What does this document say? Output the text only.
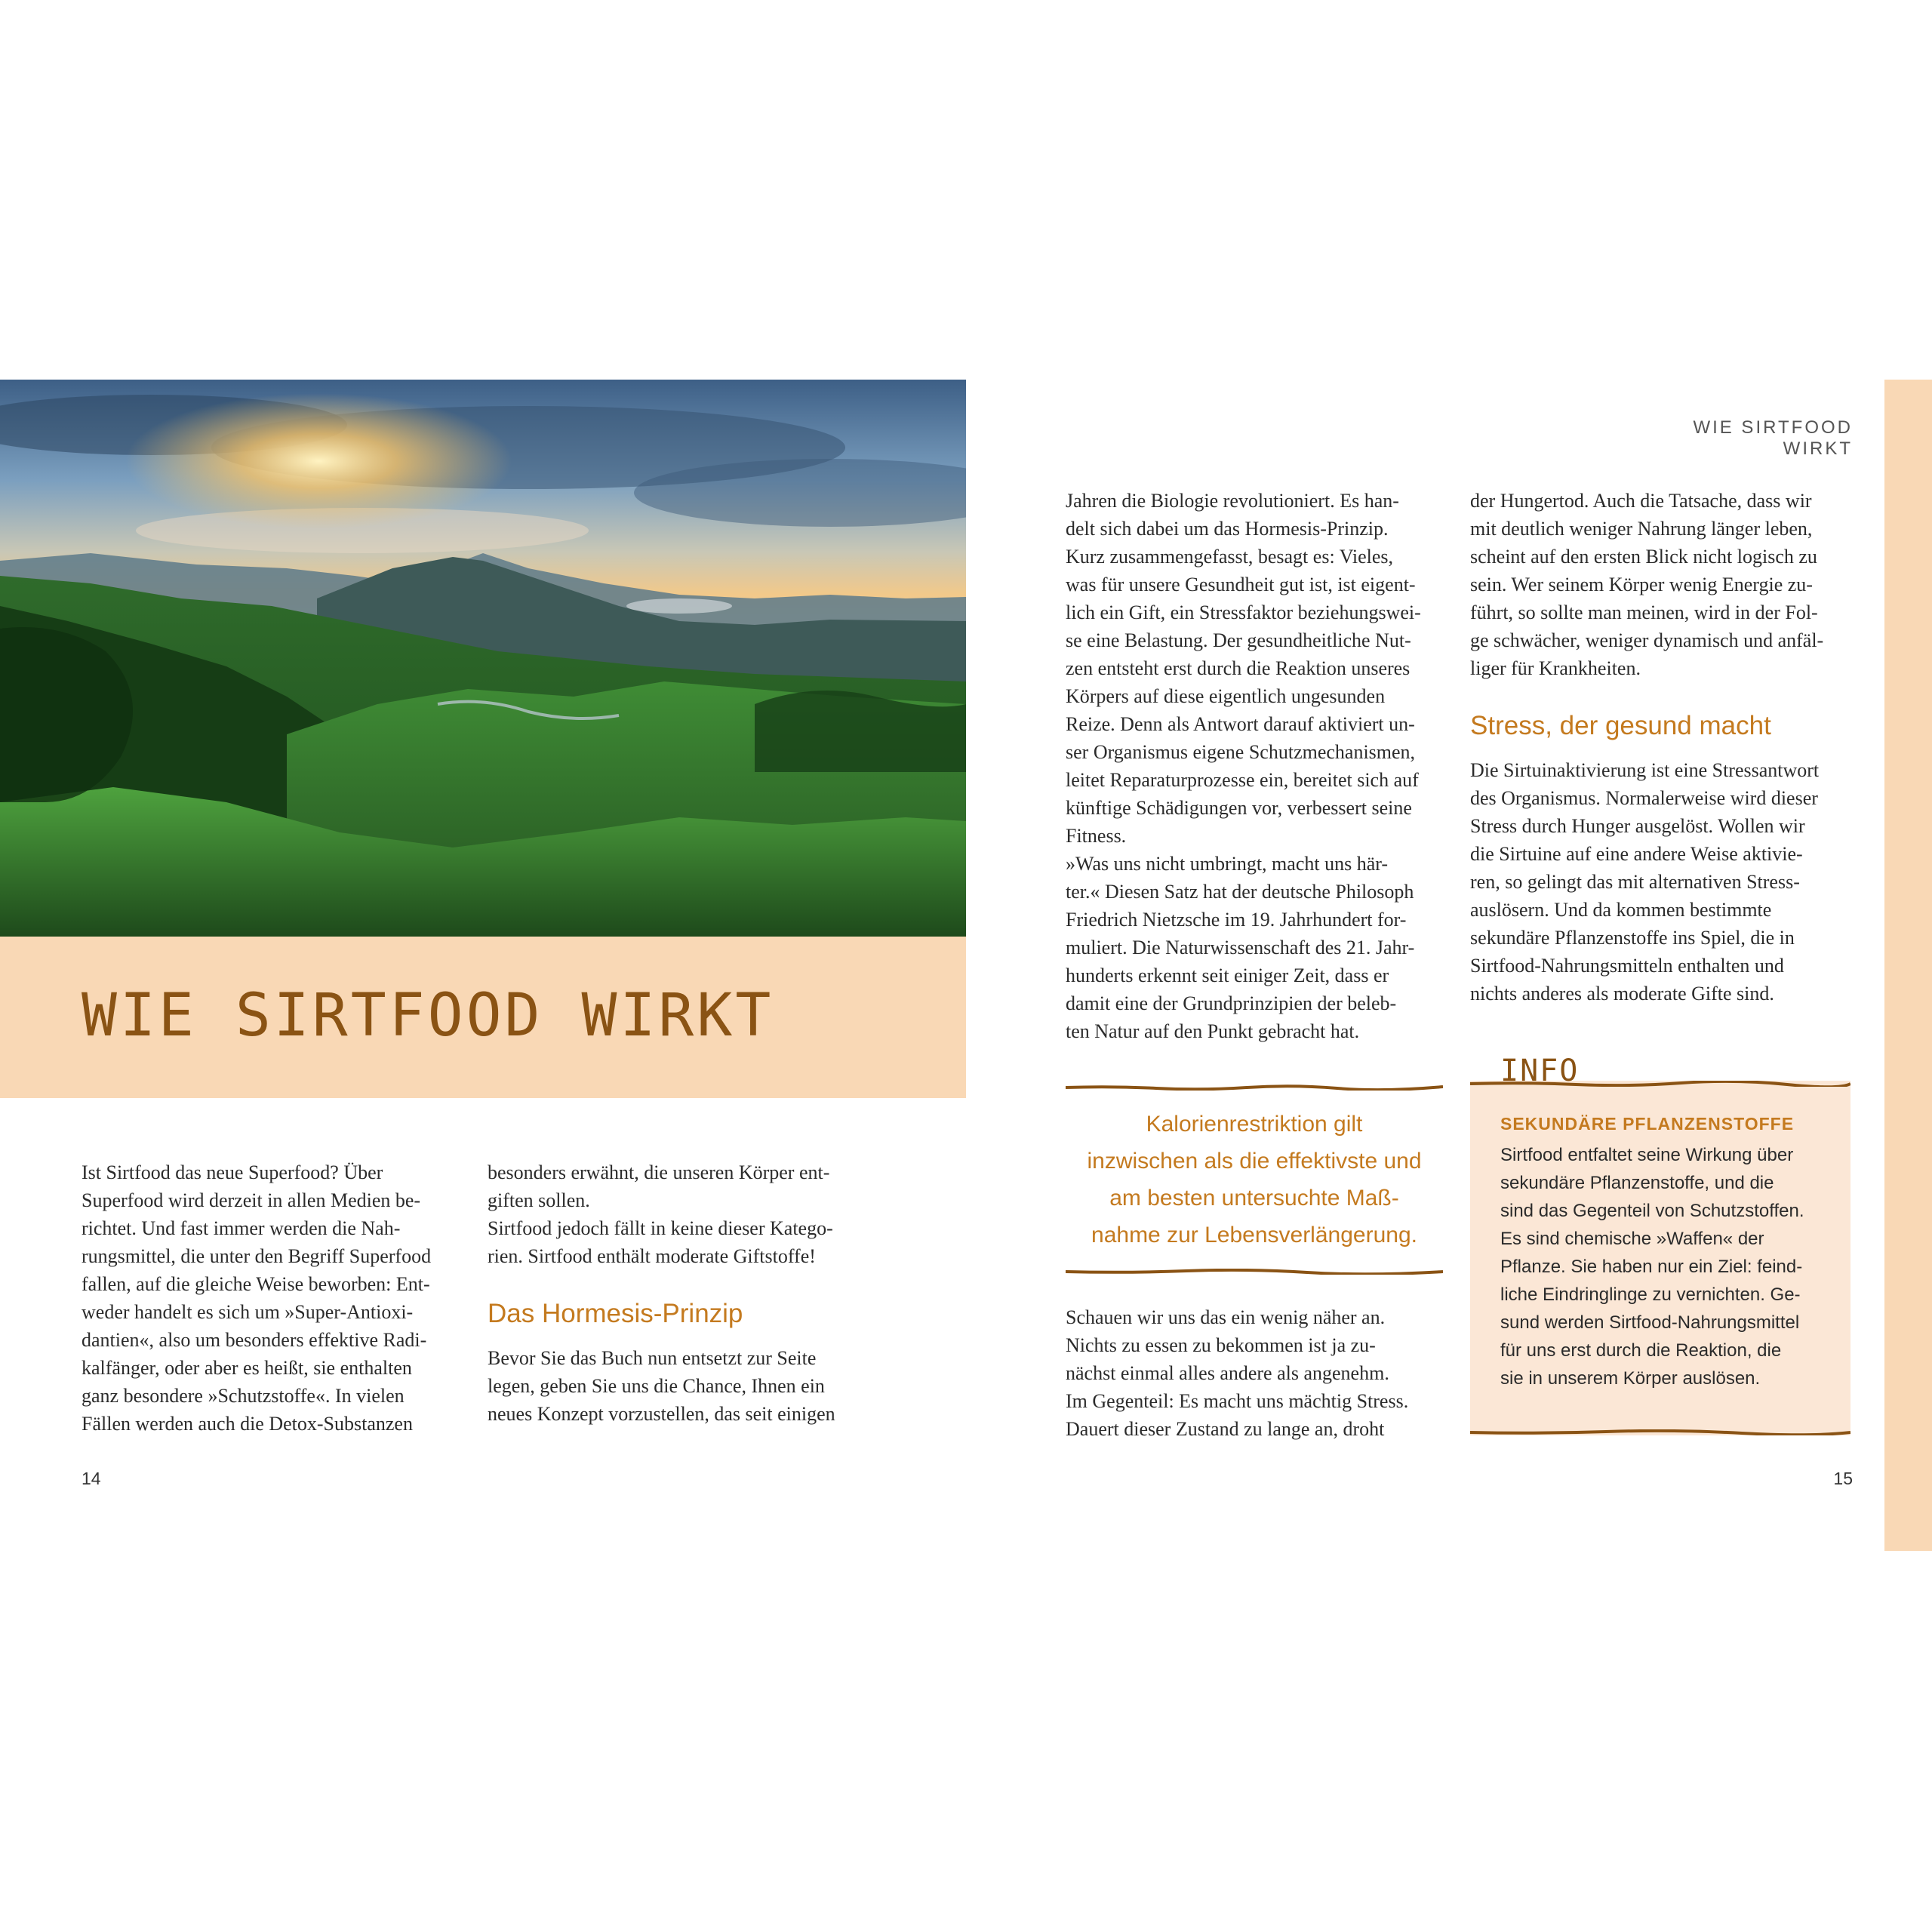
WIE SIRTFOOD WIRKT
WIE SIRTFOOD WIRKT

Ist Sirtfood das neue Superfood? Über

Superfood wird derzeit in allen Medien be-

richtet. Und fast immer werden die Nah-

rungsmittel, die unter den Begriff Superfood

fallen, auf die gleiche Weise beworben: Ent-

weder handelt es sich um »Super-Antioxi-

dantien«, also um besonders effektive Radi-

kalfänger, oder aber es heißt, sie enthalten

ganz besondere »Schutzstoffe«. In vielen

Fällen werden auch die Detox-Substanzen

besonders erwähnt, die unseren Körper ent-

giften sollen.

Sirtfood jedoch fällt in keine dieser Katego-

rien. Sirtfood enthält moderate Giftstoffe!

Das Hormesis-Prinzip

Bevor Sie das Buch nun entsetzt zur Seite

legen, geben Sie uns die Chance, Ihnen ein

neues Konzept vorzustellen, das seit einigen

Jahren die Biologie revolutioniert. Es han-

delt sich dabei um das Hormesis-Prinzip.

Kurz zusammengefasst, besagt es: Vieles,

was für unsere Gesundheit gut ist, ist eigent-

lich ein Gift, ein Stressfaktor beziehungswei-

se eine Belastung. Der gesundheitliche Nut-

zen entsteht erst durch die Reaktion unseres

Körpers auf diese eigentlich ungesunden

Reize. Denn als Antwort darauf aktiviert un-

ser Organismus eigene Schutzmechanismen,

leitet Reparaturprozesse ein, bereitet sich auf

künftige Schädigungen vor, verbessert seine

Fitness.

»Was uns nicht umbringt, macht uns här-

ter.« Diesen Satz hat der deutsche Philosoph

Friedrich Nietzsche im 19. Jahrhundert for-

muliert. Die Naturwissenschaft des 21. Jahr-

hunderts erkennt seit einiger Zeit, dass er

damit eine der Grundprinzipien der beleb-

ten Natur auf den Punkt gebracht hat.

Kalorienrestriktion gilt
inzwischen als die effektivste und
am besten untersuchte Maß-
nahme zur Lebensverlängerung.

Schauen wir uns das ein wenig näher an.

Nichts zu essen zu bekommen ist ja zu-

nächst einmal alles andere als angenehm.

Im Gegenteil: Es macht uns mächtig Stress.

Dauert dieser Zustand zu lange an, droht

der Hungertod. Auch die Tatsache, dass wir

mit deutlich weniger Nahrung länger leben,

scheint auf den ersten Blick nicht logisch zu

sein. Wer seinem Körper wenig Energie zu-

führt, so sollte man meinen, wird in der Fol-

ge schwächer, weniger dynamisch und anfäl-

liger für Krankheiten.

Stress, der gesund macht

Die Sirtuinaktivierung ist eine Stressantwort

des Organismus. Normalerweise wird dieser

Stress durch Hunger ausgelöst. Wollen wir

die Sirtuine auf eine andere Weise aktivie-

ren, so gelingt das mit alternativen Stress-

auslösern. Und da kommen bestimmte

sekundäre Pflanzenstoffe ins Spiel, die in

Sirtfood-Nahrungsmitteln enthalten und

nichts anderes als moderate Gifte sind.

INFO
SEKUNDÄRE PFLANZENSTOFFE

Sirtfood entfaltet seine Wirkung über

sekundäre Pflanzenstoffe, und die

sind das Gegenteil von Schutzstoffen.

Es sind chemische »Waffen« der

Pflanze. Sie haben nur ein Ziel: feind-

liche Eindringlinge zu vernichten. Ge-

sund werden Sirtfood-Nahrungsmittel

für uns erst durch die Reaktion, die

sie in unserem Körper auslösen.

14	15
